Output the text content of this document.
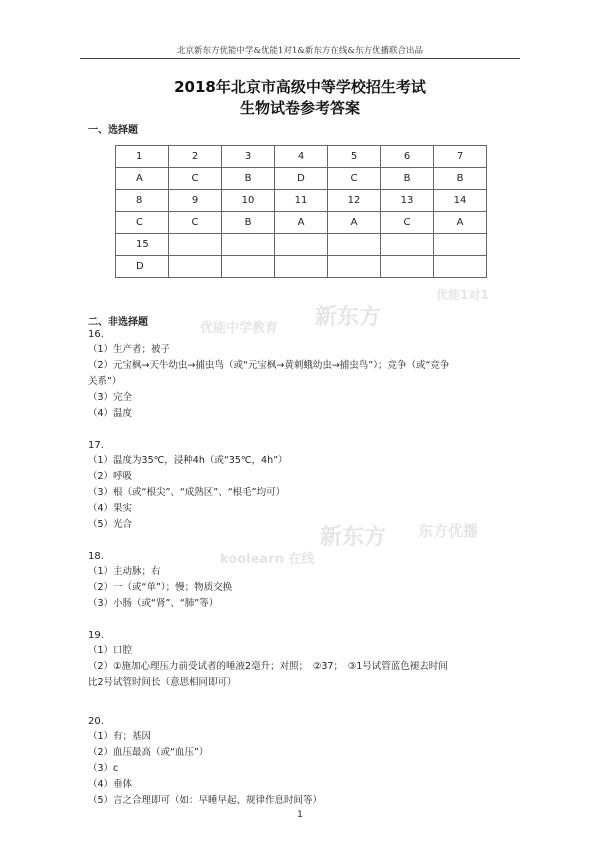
北京新东方优能中学&优能1对1&新东方在线&东方优播联合出品
2018年北京市高级中等学校招生考试
生物试卷参考答案
一、选择题
1	2	3	4	5	6	7
A	C	B	D	C	B	B
8	9	10	11	12	13	14
C	C	B	A	A	C	A
15						
D						
二、非选择题	优能中学教育 新东方
优能1对1
koolearn 在线
新东方 东方优播
16.
（1）生产者；被子
（2）元宝枫→天牛幼虫→捕虫鸟（或“元宝枫→黄刺蛾幼虫→捕虫鸟”）；竞争（或“竞争
关系”）
（3）完全
（4）温度
17.
（1）温度为35℃，浸种4h（或“35℃，4h”）
（2）呼吸
（3）根（或“根尖”、“成熟区”、“根毛”均可）
（4）果实
（5）光合
18.
（1）主动脉；右
（2）一（或“单”）；慢；物质交换
（3）小肠（或“肾”、“肺”等）
19.
（1）口腔
（2）①施加心理压力前受试者的唾液2毫升；对照；　②37；　③1号试管蓝色褪去时间
比2号试管时间长（意思相同即可）
20.
（1）有；基因
（2）血压最高（或“血压”）
（3）c
（4）垂体
（5）言之合理即可（如：早睡早起、规律作息时间等）
1
